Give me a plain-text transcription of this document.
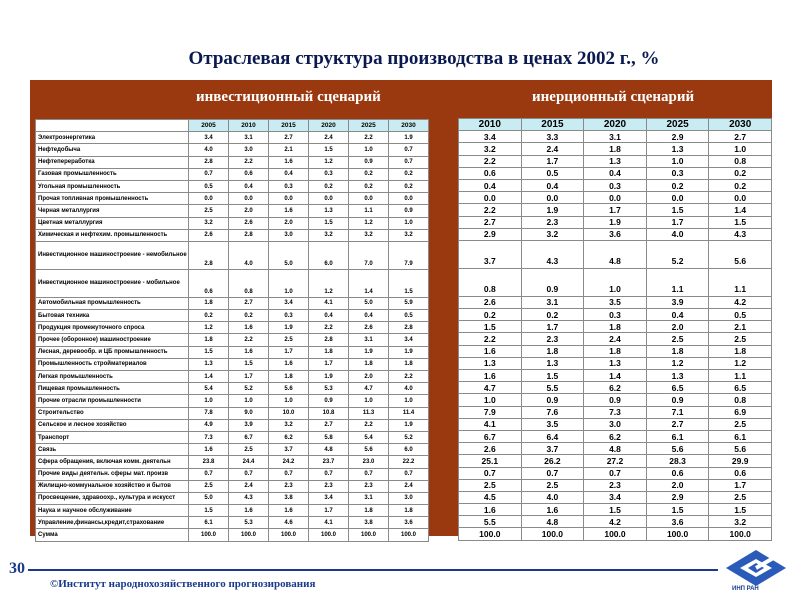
Отраслевая структура производства в ценах 2002 г., %
инвестиционный сценарий	инерционный сценарий
	2005	2010	2015	2020	2025	2030
Электроэнергетика	3.4	3.1	2.7	2.4	2.2	1.9
Нефтедобыча	4.0	3.0	2.1	1.5	1.0	0.7
Нефтепереработка	2.8	2.2	1.6	1.2	0.9	0.7
Газовая промышленность	0.7	0.6	0.4	0.3	0.2	0.2
Угольная промышленность	0.5	0.4	0.3	0.2	0.2	0.2
Прочая топливная промышленность	0.0	0.0	0.0	0.0	0.0	0.0
Черная металлургия	2.5	2.0	1.6	1.3	1.1	0.9
Цветная металлургия	3.2	2.6	2.0	1.5	1.2	1.0
Химическая и нефтехим. промышленность	2.6	2.8	3.0	3.2	3.2	3.2
Инвестиционное машиностроение - немобильное	2.8	4.0	5.0	6.0	7.0	7.9
Инвестиционное машиностроение - мобильное	0.6	0.8	1.0	1.2	1.4	1.5
Автомобильная промышленность	1.8	2.7	3.4	4.1	5.0	5.9
Бытовая техника	0.2	0.2	0.3	0.4	0.4	0.5
Продукция промежуточного спроса	1.2	1.6	1.9	2.2	2.6	2.8
Прочее (оборонное) машиностроение	1.8	2.2	2.5	2.8	3.1	3.4
Лесная, деревообр. и ЦБ промышленность	1.5	1.6	1.7	1.8	1.9	1.9
Промышленность стройматериалов	1.3	1.5	1.6	1.7	1.8	1.8
Легкая промышленность	1.4	1.7	1.8	1.9	2.0	2.2
Пищевая промышленность	5.4	5.2	5.6	5.3	4.7	4.0
Прочие отрасли промышленности	1.0	1.0	1.0	0.9	1.0	1.0
Строительство	7.8	9.0	10.0	10.8	11.3	11.4
Сельское и лесное хозяйство	4.9	3.9	3.2	2.7	2.2	1.9
Транспорт	7.3	6.7	6.2	5.8	5.4	5.2
Связь	1.6	2.5	3.7	4.8	5.6	6.0
Сфера обращения, включая комм. деятельн	23.8	24.4	24.2	23.7	23.0	22.2
Прочие виды деятельн. сферы мат. произв	0.7	0.7	0.7	0.7	0.7	0.7
Жилищно-коммунальное хозяйство и бытов	2.5	2.4	2.3	2.3	2.3	2.4
Просвещение, здравоохр., культура и искусст	5.0	4.3	3.8	3.4	3.1	3.0
Наука и научное обслуживание	1.5	1.6	1.6	1.7	1.8	1.8
Управление,финансы,кредит,страхование	6.1	5.3	4.6	4.1	3.8	3.6
Сумма	100.0	100.0	100.0	100.0	100.0	100.0
2010	2015	2020	2025	2030
3.4	3.3	3.1	2.9	2.7
3.2	2.4	1.8	1.3	1.0
2.2	1.7	1.3	1.0	0.8
0.6	0.5	0.4	0.3	0.2
0.4	0.4	0.3	0.2	0.2
0.0	0.0	0.0	0.0	0.0
2.2	1.9	1.7	1.5	1.4
2.7	2.3	1.9	1.7	1.5
2.9	3.2	3.6	4.0	4.3
3.7	4.3	4.8	5.2	5.6
0.8	0.9	1.0	1.1	1.1
2.6	3.1	3.5	3.9	4.2
0.2	0.2	0.3	0.4	0.5
1.5	1.7	1.8	2.0	2.1
2.2	2.3	2.4	2.5	2.5
1.6	1.8	1.8	1.8	1.8
1.3	1.3	1.3	1.2	1.2
1.6	1.5	1.4	1.3	1.1
4.7	5.5	6.2	6.5	6.5
1.0	0.9	0.9	0.9	0.8
7.9	7.6	7.3	7.1	6.9
4.1	3.5	3.0	2.7	2.5
6.7	6.4	6.2	6.1	6.1
2.6	3.7	4.8	5.6	5.6
25.1	26.2	27.2	28.3	29.9
0.7	0.7	0.7	0.6	0.6
2.5	2.5	2.3	2.0	1.7
4.5	4.0	3.4	2.9	2.5
1.6	1.6	1.5	1.5	1.5
5.5	4.8	4.2	3.6	3.2
100.0	100.0	100.0	100.0	100.0
30
©Институт народнохозяйственного прогнозирования	ИНП РАН
